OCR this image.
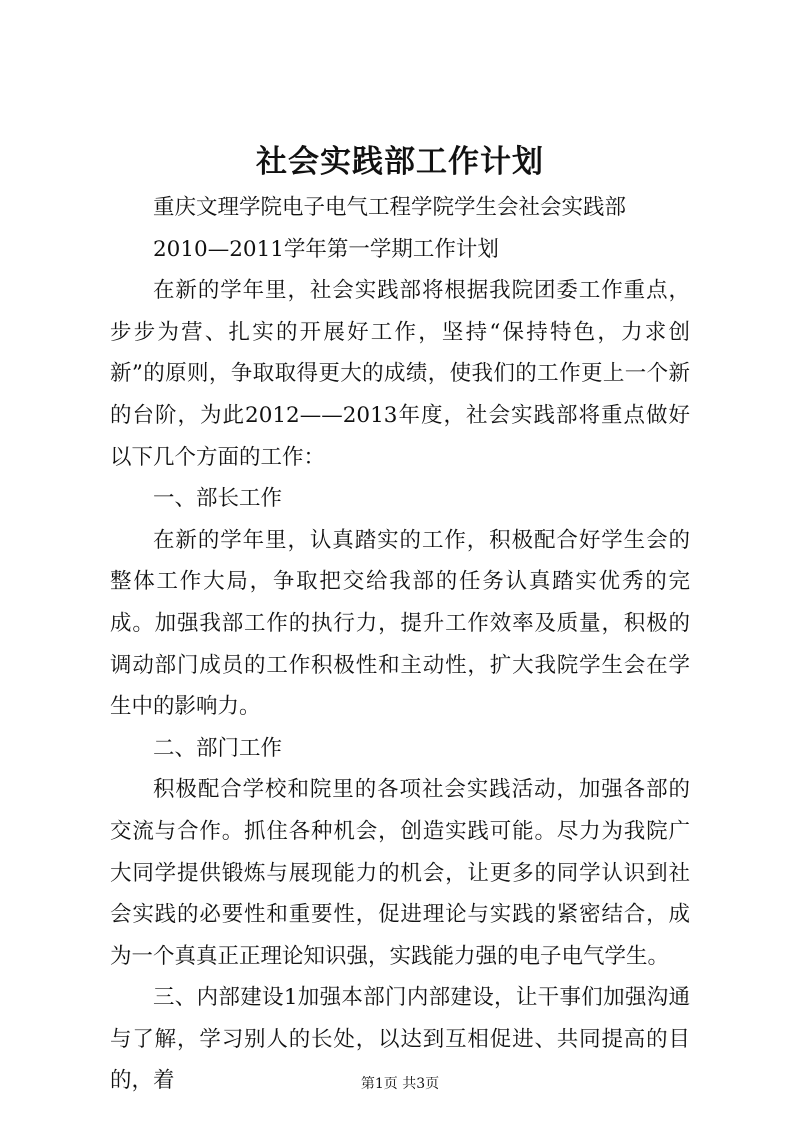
社会实践部工作计划

重庆文理学院电子电气工程学院学生会社会实践部

2010—2011学年第一学期工作计划

在新的学年里，社会实践部将根据我院团委工作重点，步步为营、扎实的开展好工作，坚持“保持特色，力求创新”的原则，争取取得更大的成绩，使我们的工作更上一个新的台阶，为此2012——2013年度，社会实践部将重点做好以下几个方面的工作：

一、部长工作

在新的学年里，认真踏实的工作，积极配合好学生会的整体工作大局，争取把交给我部的任务认真踏实优秀的完成。加强我部工作的执行力，提升工作效率及质量，积极的调动部门成员的工作积极性和主动性，扩大我院学生会在学生中的影响力。

二、部门工作

积极配合学校和院里的各项社会实践活动，加强各部的交流与合作。抓住各种机会，创造实践可能。尽力为我院广大同学提供锻炼与展现能力的机会，让更多的同学认识到社会实践的必要性和重要性，促进理论与实践的紧密结合，成为一个真真正正理论知识强，实践能力强的电子电气学生。

三、内部建设1加强本部门内部建设，让干事们加强沟通与了解，学习别人的长处，以达到互相促进、共同提高的目的，着	第1页 共3页
